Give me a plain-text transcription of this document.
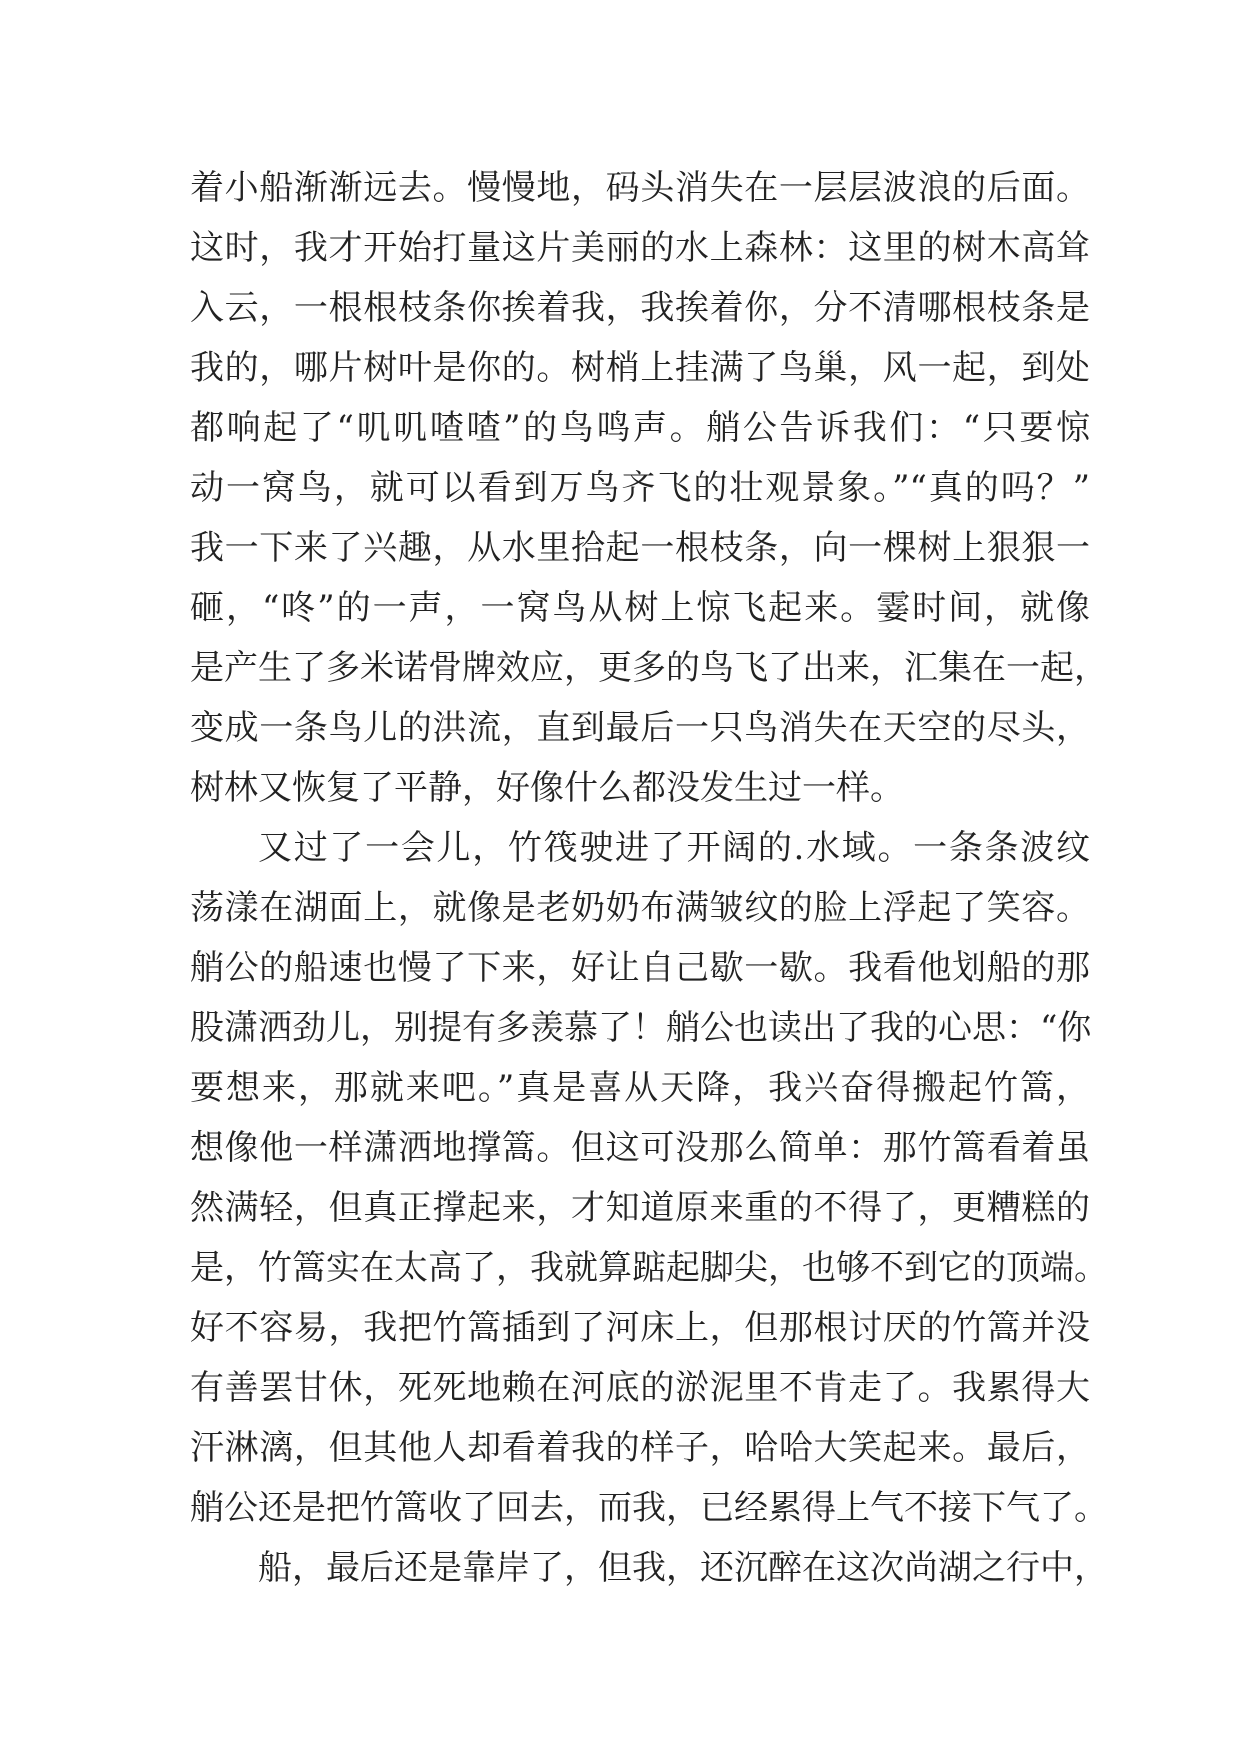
着小船渐渐远去。慢慢地，码头消失在一层层波浪的后面。
这时，我才开始打量这片美丽的水上森林：这里的树木高耸
入云，一根根枝条你挨着我，我挨着你，分不清哪根枝条是
我的，哪片树叶是你的。树梢上挂满了鸟巢，风一起，到处
都响起了“叽叽喳喳”的鸟鸣声。艄公告诉我们：“只要惊
动一窝鸟，就可以看到万鸟齐飞的壮观景象。”“真的吗？”
我一下来了兴趣，从水里拾起一根枝条，向一棵树上狠狠一
砸，“咚”的一声，一窝鸟从树上惊飞起来。霎时间，就像
是产生了多米诺骨牌效应，更多的鸟飞了出来，汇集在一起，
变成一条鸟儿的洪流，直到最后一只鸟消失在天空的尽头，
树林又恢复了平静，好像什么都没发生过一样。
又过了一会儿，竹筏驶进了开阔的.水域。一条条波纹
荡漾在湖面上，就像是老奶奶布满皱纹的脸上浮起了笑容。
艄公的船速也慢了下来，好让自己歇一歇。我看他划船的那
股潇洒劲儿，别提有多羡慕了！艄公也读出了我的心思：“你
要想来，那就来吧。”真是喜从天降，我兴奋得搬起竹篙，
想像他一样潇洒地撑篙。但这可没那么简单：那竹篙看着虽
然满轻，但真正撑起来，才知道原来重的不得了，更糟糕的
是，竹篙实在太高了，我就算踮起脚尖，也够不到它的顶端。
好不容易，我把竹篙插到了河床上，但那根讨厌的竹篙并没
有善罢甘休，死死地赖在河底的淤泥里不肯走了。我累得大
汗淋漓，但其他人却看着我的样子，哈哈大笑起来。最后，
艄公还是把竹篙收了回去，而我，已经累得上气不接下气了。
船，最后还是靠岸了，但我，还沉醉在这次尚湖之行中，
